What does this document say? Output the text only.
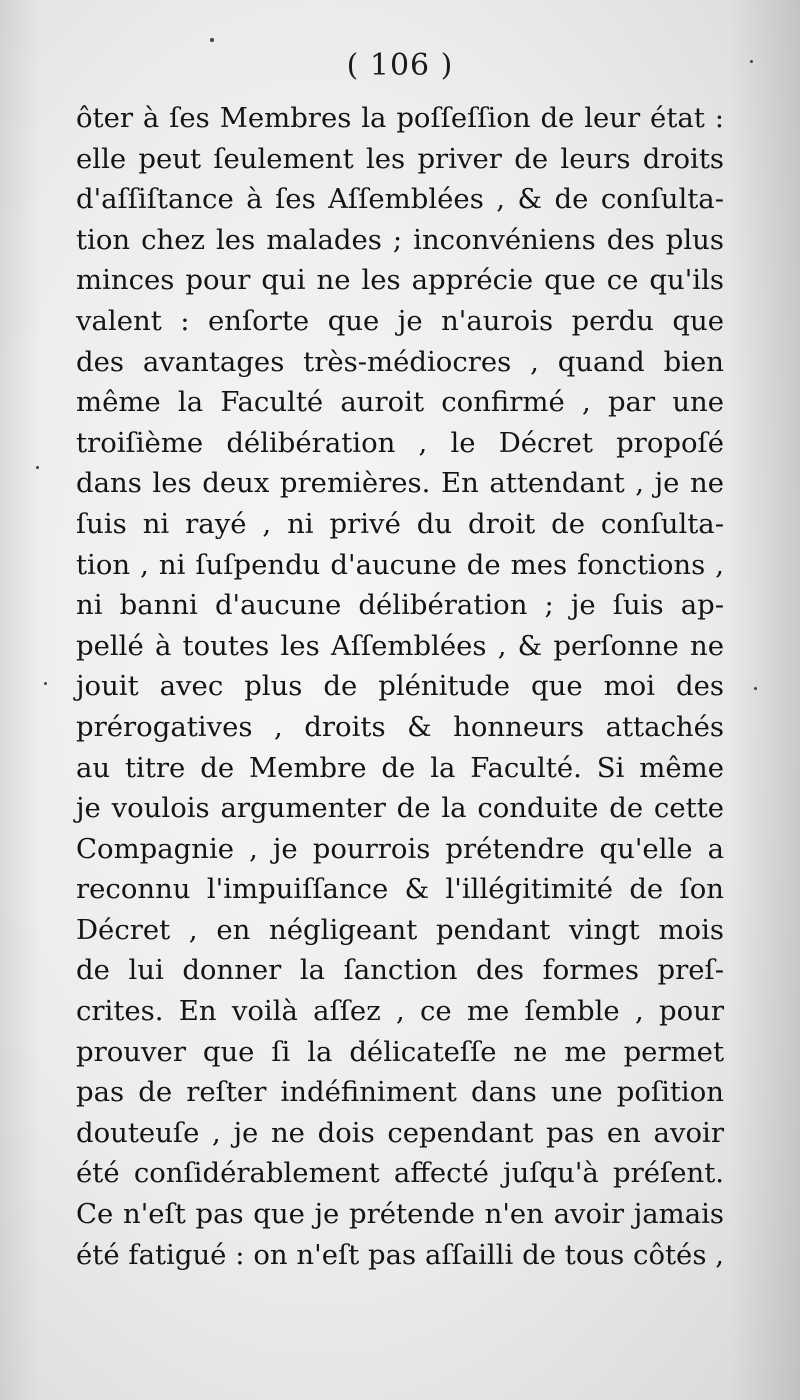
( 106 )
ôter à ſes Membres la poſſeſſion de leur état :
elle peut ſeulement les priver de leurs droits
d'aſſiſtance à ſes Aſſemblées , & de conſulta-
tion chez les malades ; inconvéniens des plus
minces pour qui ne les apprécie que ce qu'ils
valent : enſorte que je n'aurois perdu que
des avantages très-médiocres , quand bien
même la Faculté auroit confirmé , par une
troiſième délibération , le Décret propoſé
dans les deux premières. En attendant , je ne
ſuis ni rayé , ni privé du droit de conſulta-
tion , ni ſuſpendu d'aucune de mes fonctions ,
ni banni d'aucune délibération ; je ſuis ap-
pellé à toutes les Aſſemblées , & perſonne ne
jouit avec plus de plénitude que moi des
prérogatives , droits & honneurs attachés
au titre de Membre de la Faculté. Si même
je voulois argumenter de la conduite de cette
Compagnie , je pourrois prétendre qu'elle a
reconnu l'impuiſſance & l'illégitimité de ſon
Décret , en négligeant pendant vingt mois
de lui donner la ſanction des formes preſ-
crites. En voilà aſſez , ce me ſemble , pour
prouver que ſi la délicateſſe ne me permet
pas de reſter indéfiniment dans une poſition
douteuſe , je ne dois cependant pas en avoir
été conſidérablement affecté juſqu'à préſent.
Ce n'eſt pas que je prétende n'en avoir jamais
été fatigué : on n'eſt pas aſſailli de tous côtés ,
